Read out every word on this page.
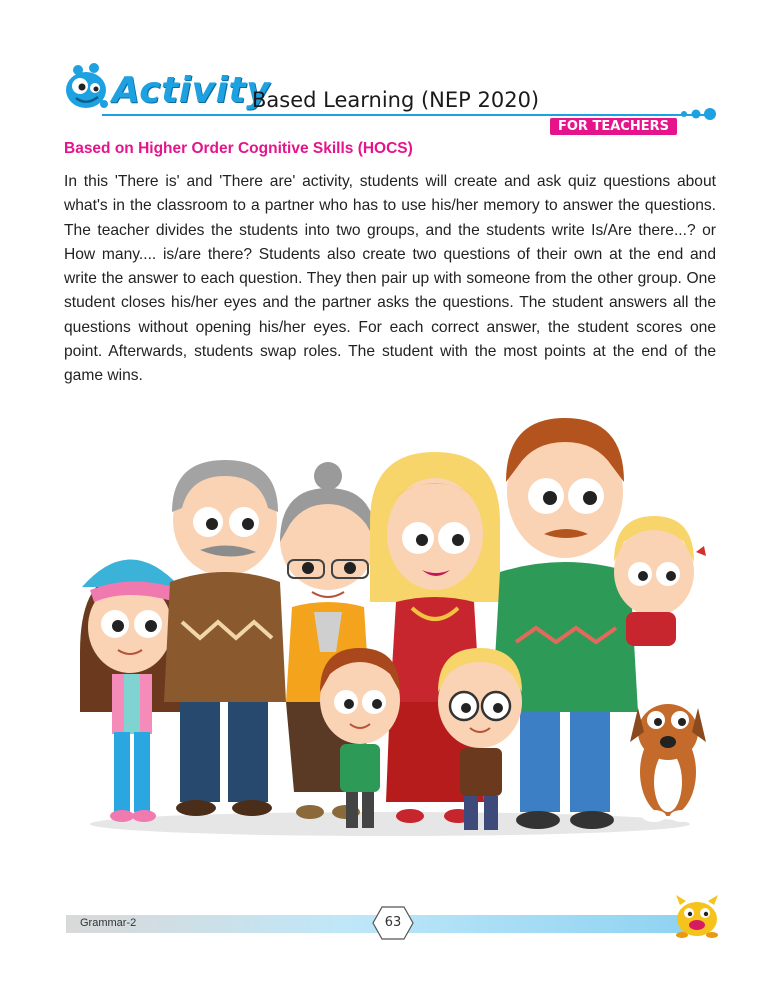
Activity
Based Learning (NEP 2020)
FOR TEACHERS
Based on Higher Order Cognitive Skills (HOCS)

In this 'There is' and 'There are' activity, students will create and ask quiz questions about what's in the classroom to a partner who has to use his/her memory to answer the questions. The teacher divides the students into two groups, and the students write Is/Are there...? or How many.... is/are there? Students also create two questions of their own at the end and write the answer to each question. They then pair up with someone from the other group. One student closes his/her eyes and the partner asks the questions. The student answers all the questions without opening his/her eyes. For each correct answer, the student scores one point. Afterwards, students swap roles. The student with the most points at the end of the game wins.

Grammar-2	63
